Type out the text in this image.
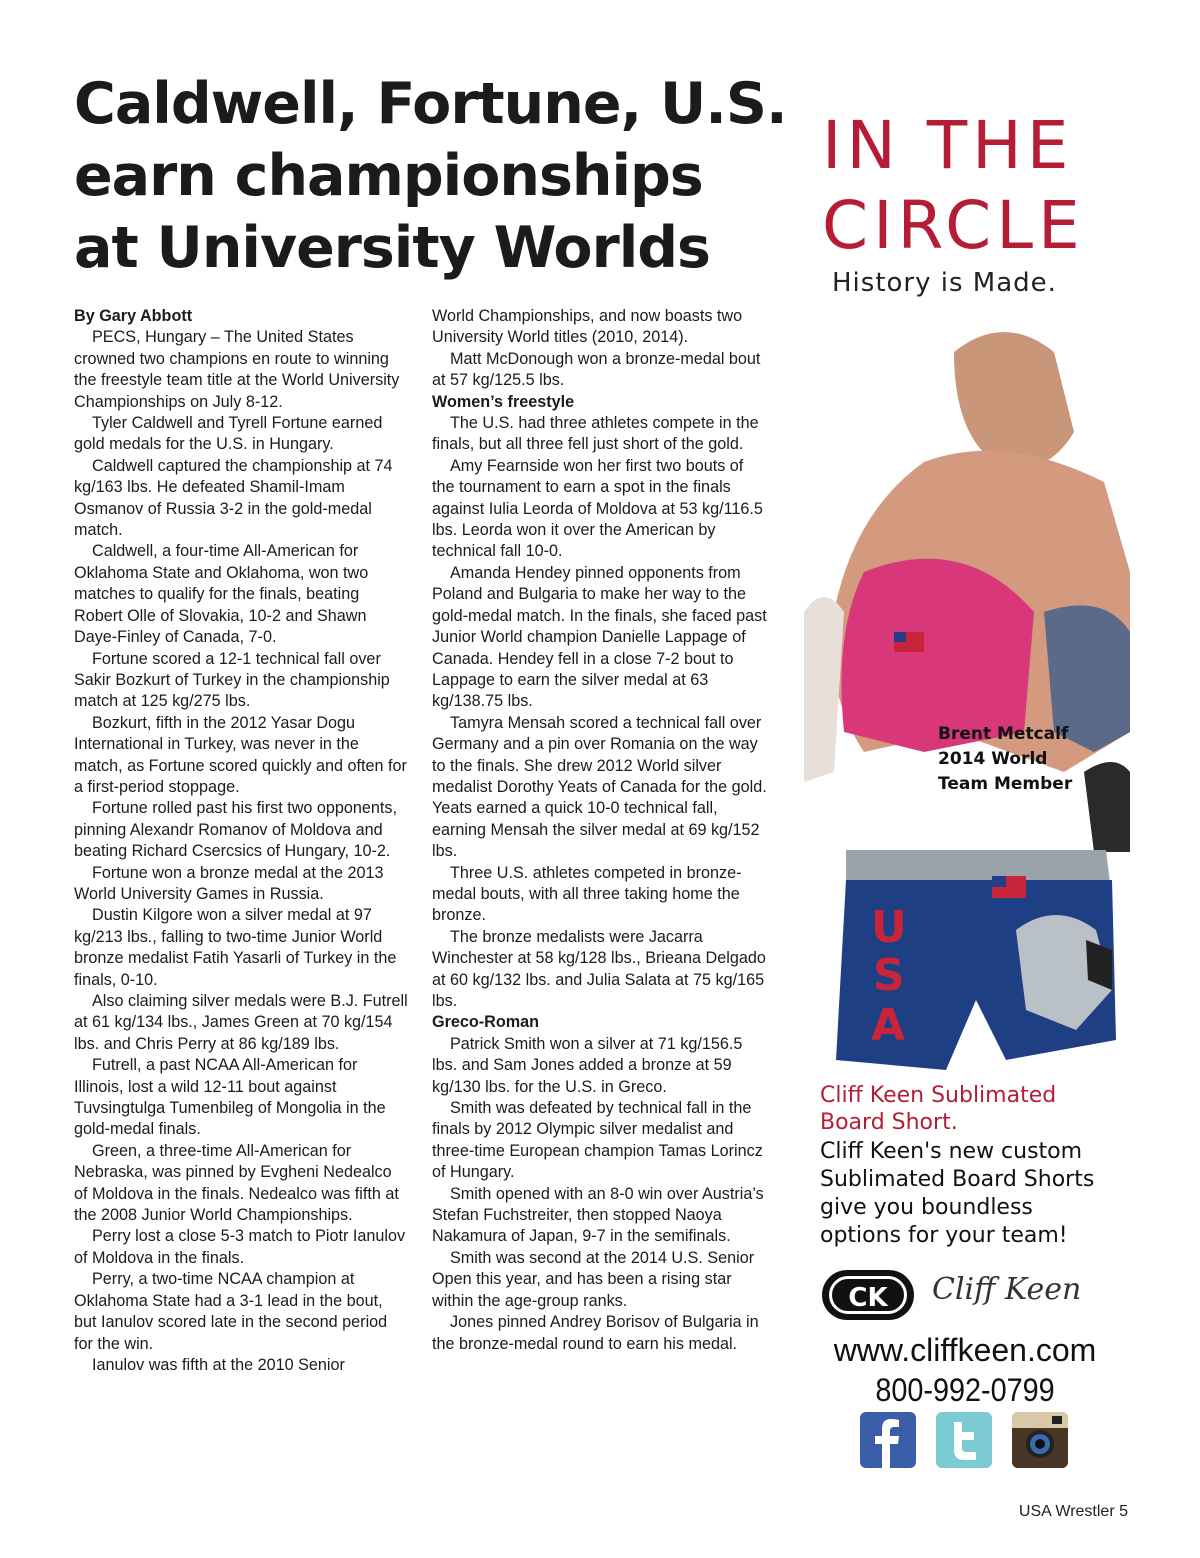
Caldwell, Fortune, U.S.
earn championships
at University Worlds

By Gary Abbott

PECS, Hungary – The United States crowned two champions en route to winning the freestyle team title at the World University Championships on July 8-12.

Tyler Caldwell and Tyrell Fortune earned gold medals for the U.S. in Hungary.

Caldwell captured the championship at 74 kg/163 lbs. He defeated Shamil-Imam Osmanov of Russia 3-2 in the gold-medal match.

Caldwell, a four-time All-American for Oklahoma State and Oklahoma, won two matches to qualify for the finals, beating Robert Olle of Slovakia, 10-2 and Shawn Daye-Finley of Canada, 7-0.

Fortune scored a 12-1 technical fall over Sakir Bozkurt of Turkey in the championship match at 125 kg/275 lbs.

Bozkurt, fifth in the 2012 Yasar Dogu International in Turkey, was never in the match, as Fortune scored quickly and often for a first-period stoppage.

Fortune rolled past his first two opponents, pinning Alexandr Romanov of Moldova and beating Richard Csercsics of Hungary, 10-2.

Fortune won a bronze medal at the 2013 World University Games in Russia.

Dustin Kilgore won a silver medal at 97 kg/213 lbs., falling to two-time Junior World bronze medalist Fatih Yasarli of Turkey in the finals, 0-10.

Also claiming silver medals were B.J. Futrell at 61 kg/134 lbs., James Green at 70 kg/154 lbs. and Chris Perry at 86 kg/189 lbs.

Futrell, a past NCAA All-American for Illinois, lost a wild 12-11 bout against Tuvsingtulga Tumenbileg of Mongolia in the gold-medal finals.

Green, a three-time All-American for Nebraska, was pinned by Evgheni Nedealco of Moldova in the finals. Nedealco was fifth at the 2008 Junior World Championships.

Perry lost a close 5-3 match to Piotr Ianulov of Moldova in the finals.

Perry, a two-time NCAA champion at Oklahoma State had a 3-1 lead in the bout, but Ianulov scored late in the second period for the win.

Ianulov was fifth at the 2010 Senior

World Championships, and now boasts two University World titles (2010, 2014).

Matt McDonough won a bronze-medal bout at 57 kg/125.5 lbs.

Women’s freestyle

The U.S. had three athletes compete in the finals, but all three fell just short of the gold.

Amy Fearnside won her first two bouts of the tournament to earn a spot in the finals against Iulia Leorda of Moldova at 53 kg/116.5 lbs. Leorda won it over the American by technical fall 10-0.

Amanda Hendey pinned opponents from Poland and Bulgaria to make her way to the gold-medal match. In the finals, she faced past Junior World champion Danielle Lappage of Canada. Hendey fell in a close 7-2 bout to Lappage to earn the silver medal at 63 kg/138.75 lbs.

Tamyra Mensah scored a technical fall over Germany and a pin over Romania on the way to the finals. She drew 2012 World silver medalist Dorothy Yeats of Canada for the gold. Yeats earned a quick 10-0 technical fall, earning Mensah the silver medal at 69 kg/152 lbs.

Three U.S. athletes competed in bronze-medal bouts, with all three taking home the bronze.

The bronze medalists were Jacarra Winchester at 58 kg/128 lbs., Brieana Delgado at 60 kg/132 lbs. and Julia Salata at 75 kg/165 lbs.

Greco-Roman

Patrick Smith won a silver at 71 kg/156.5 lbs. and Sam Jones added a bronze at 59 kg/130 lbs. for the U.S. in Greco.

Smith was defeated by technical fall in the finals by 2012 Olympic silver medalist and three-time European champion Tamas Lorincz of Hungary.

Smith opened with an 8-0 win over Austria’s Stefan Fuchstreiter, then stopped Naoya Nakamura of Japan, 9-7 in the semifinals.

Smith was second at the 2014 U.S. Senior Open this year, and has been a rising star within the age-group ranks.

Jones pinned Andrey Borisov of Bulgaria in the bronze-medal round to earn his medal.

IN THE
CIRCLE
History is Made.
Brent Metcalf
2014 World
Team Member
U
S
A
Cliff Keen Sublimated
Board Short.
Cliff Keen's new custom
Sublimated Board Shorts
give you boundless
options for your team!
CK	Cliff Keen
www.cliffkeen.com
800-992-0799
USA Wrestler 5
